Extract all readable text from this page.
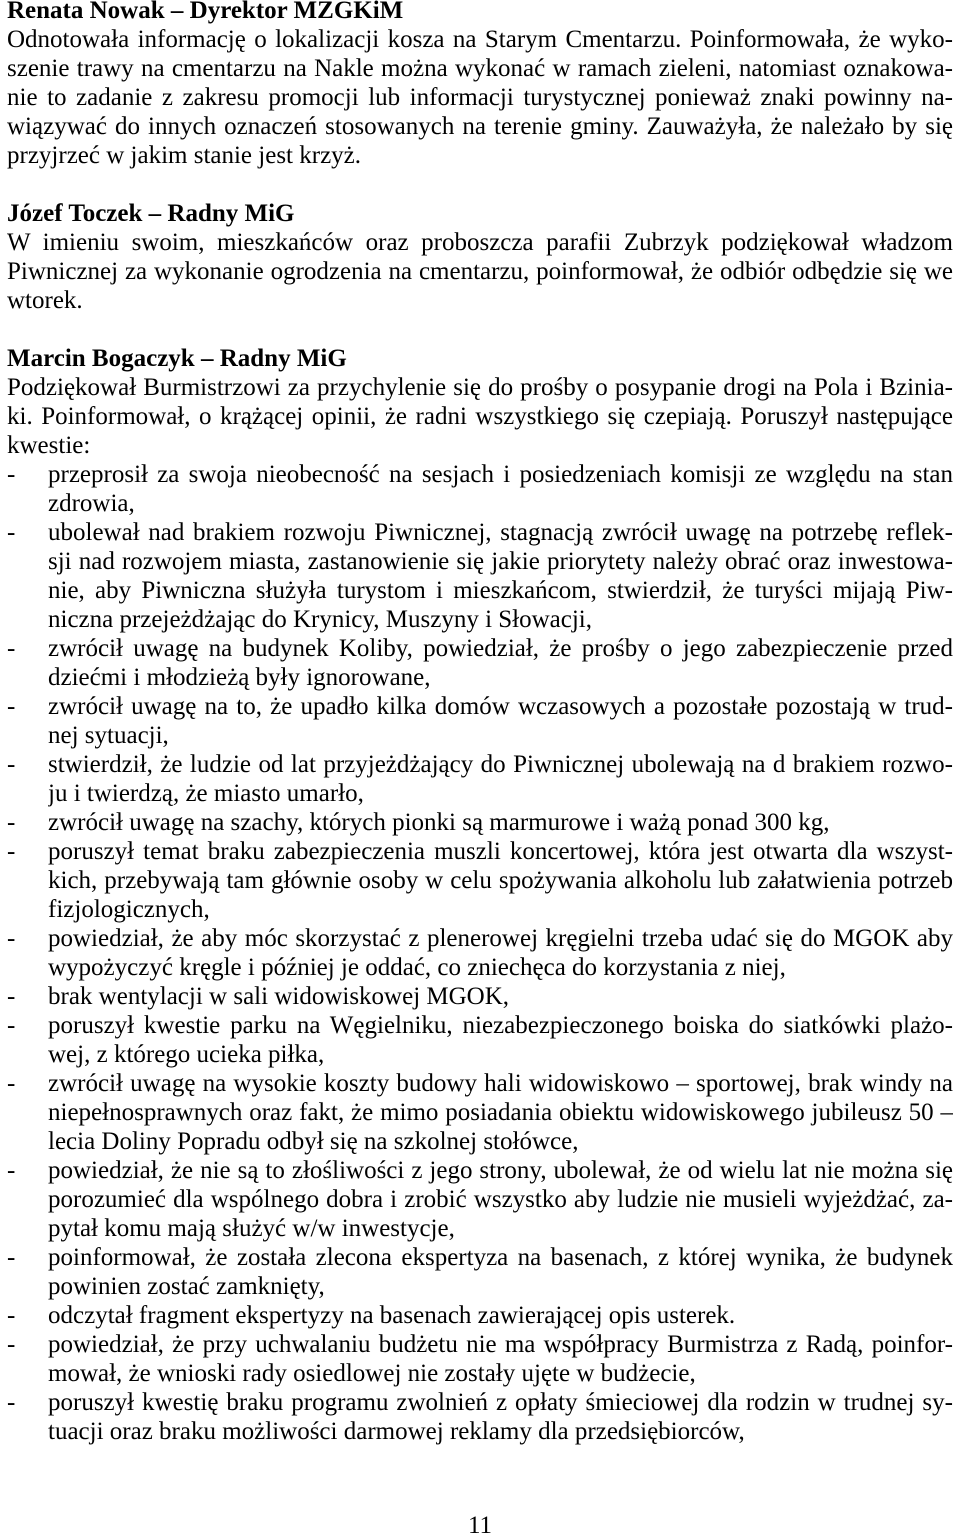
Renata Nowak – Dyrektor MZGKiM
Odnotowała informację o lokalizacji kosza na Starym Cmentarzu. Poinformowała, że wyko-
szenie trawy na cmentarzu na Nakle można wykonać w ramach zieleni, natomiast oznakowa-
nie to zadanie z zakresu promocji lub informacji turystycznej ponieważ znaki powinny na-
wiązywać do innych oznaczeń stosowanych na terenie gminy. Zauważyła, że należało by się
przyjrzeć w jakim stanie jest krzyż.
Józef Toczek – Radny MiG
W imieniu swoim, mieszkańców oraz proboszcza parafii Zubrzyk podziękował władzom
Piwnicznej za wykonanie ogrodzenia na cmentarzu, poinformował, że odbiór odbędzie się we
wtorek.
Marcin Bogaczyk – Radny MiG
Podziękował Burmistrzowi za przychylenie się do prośby o posypanie drogi na Pola i Bzinia-
ki. Poinformował, o krążącej opinii, że radni wszystkiego się czepiają. Poruszył następujące
kwestie:
- przeprosił za swoja nieobecność na sesjach i posiedzeniach komisji ze względu na stan
zdrowia,
- ubolewał nad brakiem rozwoju Piwnicznej, stagnacją zwrócił uwagę na potrzebę reflek-
sji nad rozwojem miasta, zastanowienie się jakie priorytety należy obrać oraz inwestowa-
nie, aby Piwniczna służyła turystom i mieszkańcom, stwierdził, że turyści mijają Piw-
niczna przejeżdżając do Krynicy, Muszyny i Słowacji,
- zwrócił uwagę na budynek Koliby, powiedział, że prośby o jego zabezpieczenie przed
dziećmi i młodzieżą były ignorowane,
- zwrócił uwagę na to, że upadło kilka domów wczasowych a pozostałe pozostają w trud-
nej sytuacji,
- stwierdził, że ludzie od lat przyjeżdżający do Piwnicznej ubolewają na d brakiem rozwo-
ju i twierdzą, że miasto umarło,
- zwrócił uwagę na szachy, których pionki są marmurowe i ważą ponad 300 kg,
- poruszył temat braku zabezpieczenia muszli koncertowej, która jest otwarta dla wszyst-
kich, przebywają tam głównie osoby w celu spożywania alkoholu lub załatwienia potrzeb
fizjologicznych,
- powiedział, że aby móc skorzystać z plenerowej kręgielni trzeba udać się do MGOK aby
wypożyczyć kręgle i później je oddać, co zniechęca do korzystania z niej,
- brak wentylacji w sali widowiskowej MGOK,
- poruszył kwestie parku na Węgielniku, niezabezpieczonego boiska do siatkówki plażo-
wej, z którego ucieka piłka,
- zwrócił uwagę na wysokie koszty budowy hali widowiskowo – sportowej, brak windy na
niepełnosprawnych oraz fakt, że mimo posiadania obiektu widowiskowego jubileusz 50 –
lecia Doliny Popradu odbył się na szkolnej stołówce,
- powiedział, że nie są to złośliwości z jego strony, ubolewał, że od wielu lat nie można się
porozumieć dla wspólnego dobra i zrobić wszystko aby ludzie nie musieli wyjeżdżać, za-
pytał komu mają służyć w/w inwestycje,
- poinformował, że została zlecona ekspertyza na basenach, z której wynika, że budynek
powinien zostać zamknięty,
- odczytał fragment ekspertyzy na basenach zawierającej opis usterek.
- powiedział, że przy uchwalaniu budżetu nie ma współpracy Burmistrza z Radą, poinfor-
mował, że wnioski rady osiedlowej nie zostały ujęte w budżecie,
- poruszył kwestię braku programu zwolnień z opłaty śmieciowej dla rodzin w trudnej sy-
tuacji oraz braku możliwości darmowej reklamy dla przedsiębiorców,
11
